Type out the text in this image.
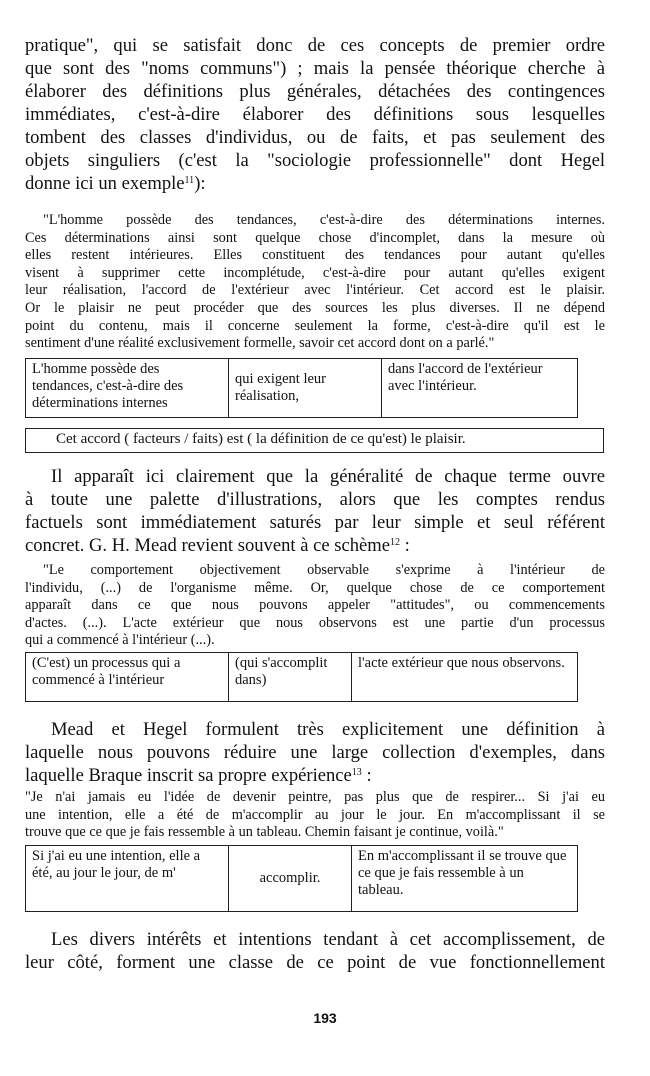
pratique", qui se satisfait donc de ces concepts de premier ordre
que sont des "noms communs") ; mais la pensée théorique cherche à
élaborer des définitions plus générales, détachées des contingences
immédiates, c'est-à-dire élaborer des définitions sous lesquelles
tombent des classes d'individus, ou de faits, et pas seulement des
objets singuliers (c'est la "sociologie professionnelle" dont Hegel
donne ici un exemple$^{11}$):
"L'homme possède des tendances, c'est-à-dire des déterminations internes.
Ces déterminations ainsi sont quelque chose d'incomplet, dans la mesure où
elles restent intérieures. Elles constituent des tendances pour autant qu'elles
visent à supprimer cette incomplétude, c'est-à-dire pour autant qu'elles exigent
leur réalisation, l'accord de l'extérieur avec l'intérieur. Cet accord est le plaisir.
Or le plaisir ne peut procéder que des sources les plus diverses. Il ne dépend
point du contenu, mais il concerne seulement la forme, c'est-à-dire qu'il est le
sentiment d'une réalité exclusivement formelle, savoir cet accord dont on a parlé."
L'homme possède des tendances, c'est-à-dire des déterminations internes	qui exigent leur réalisation,	dans l'accord de l'extérieur avec l'intérieur.
Cet accord ( facteurs / faits) est ( la définition de ce qu'est) le plaisir.
Il apparaît ici clairement que la généralité de chaque terme ouvre
à toute une palette d'illustrations, alors que les comptes rendus
factuels sont immédiatement saturés par leur simple et seul référent
concret. G. H. Mead revient souvent à ce schème$^{12}$ :
"Le comportement objectivement observable s'exprime à l'intérieur de
l'individu, (...) de l'organisme même. Or, quelque chose de ce comportement
apparaît dans ce que nous pouvons appeler "attitudes", ou commencements
d'actes. (...). L'acte extérieur que nous observons est une partie d'un processus
qui a commencé à l'intérieur (...).
(C'est) un processus qui a commencé à l'intérieur	(qui s'accomplit dans)	l'acte extérieur que nous observons.
Mead et Hegel formulent très explicitement une définition à
laquelle nous pouvons réduire une large collection d'exemples, dans
laquelle Braque inscrit sa propre expérience$^{13}$ :
"Je n'ai jamais eu l'idée de devenir peintre, pas plus que de respirer... Si j'ai eu
une intention, elle a été de m'accomplir au jour le jour. En m'accomplissant il se
trouve que ce que je fais ressemble à un tableau. Chemin faisant je continue, voilà."
Si j'ai eu une intention, elle a été, au jour le jour, de m'	accomplir.	En m'accomplissant il se trouve que ce que je fais ressemble à un tableau.
Les divers intérêts et intentions tendant à cet accomplissement, de
leur côté, forment une classe de ce point de vue fonctionnellement
193
